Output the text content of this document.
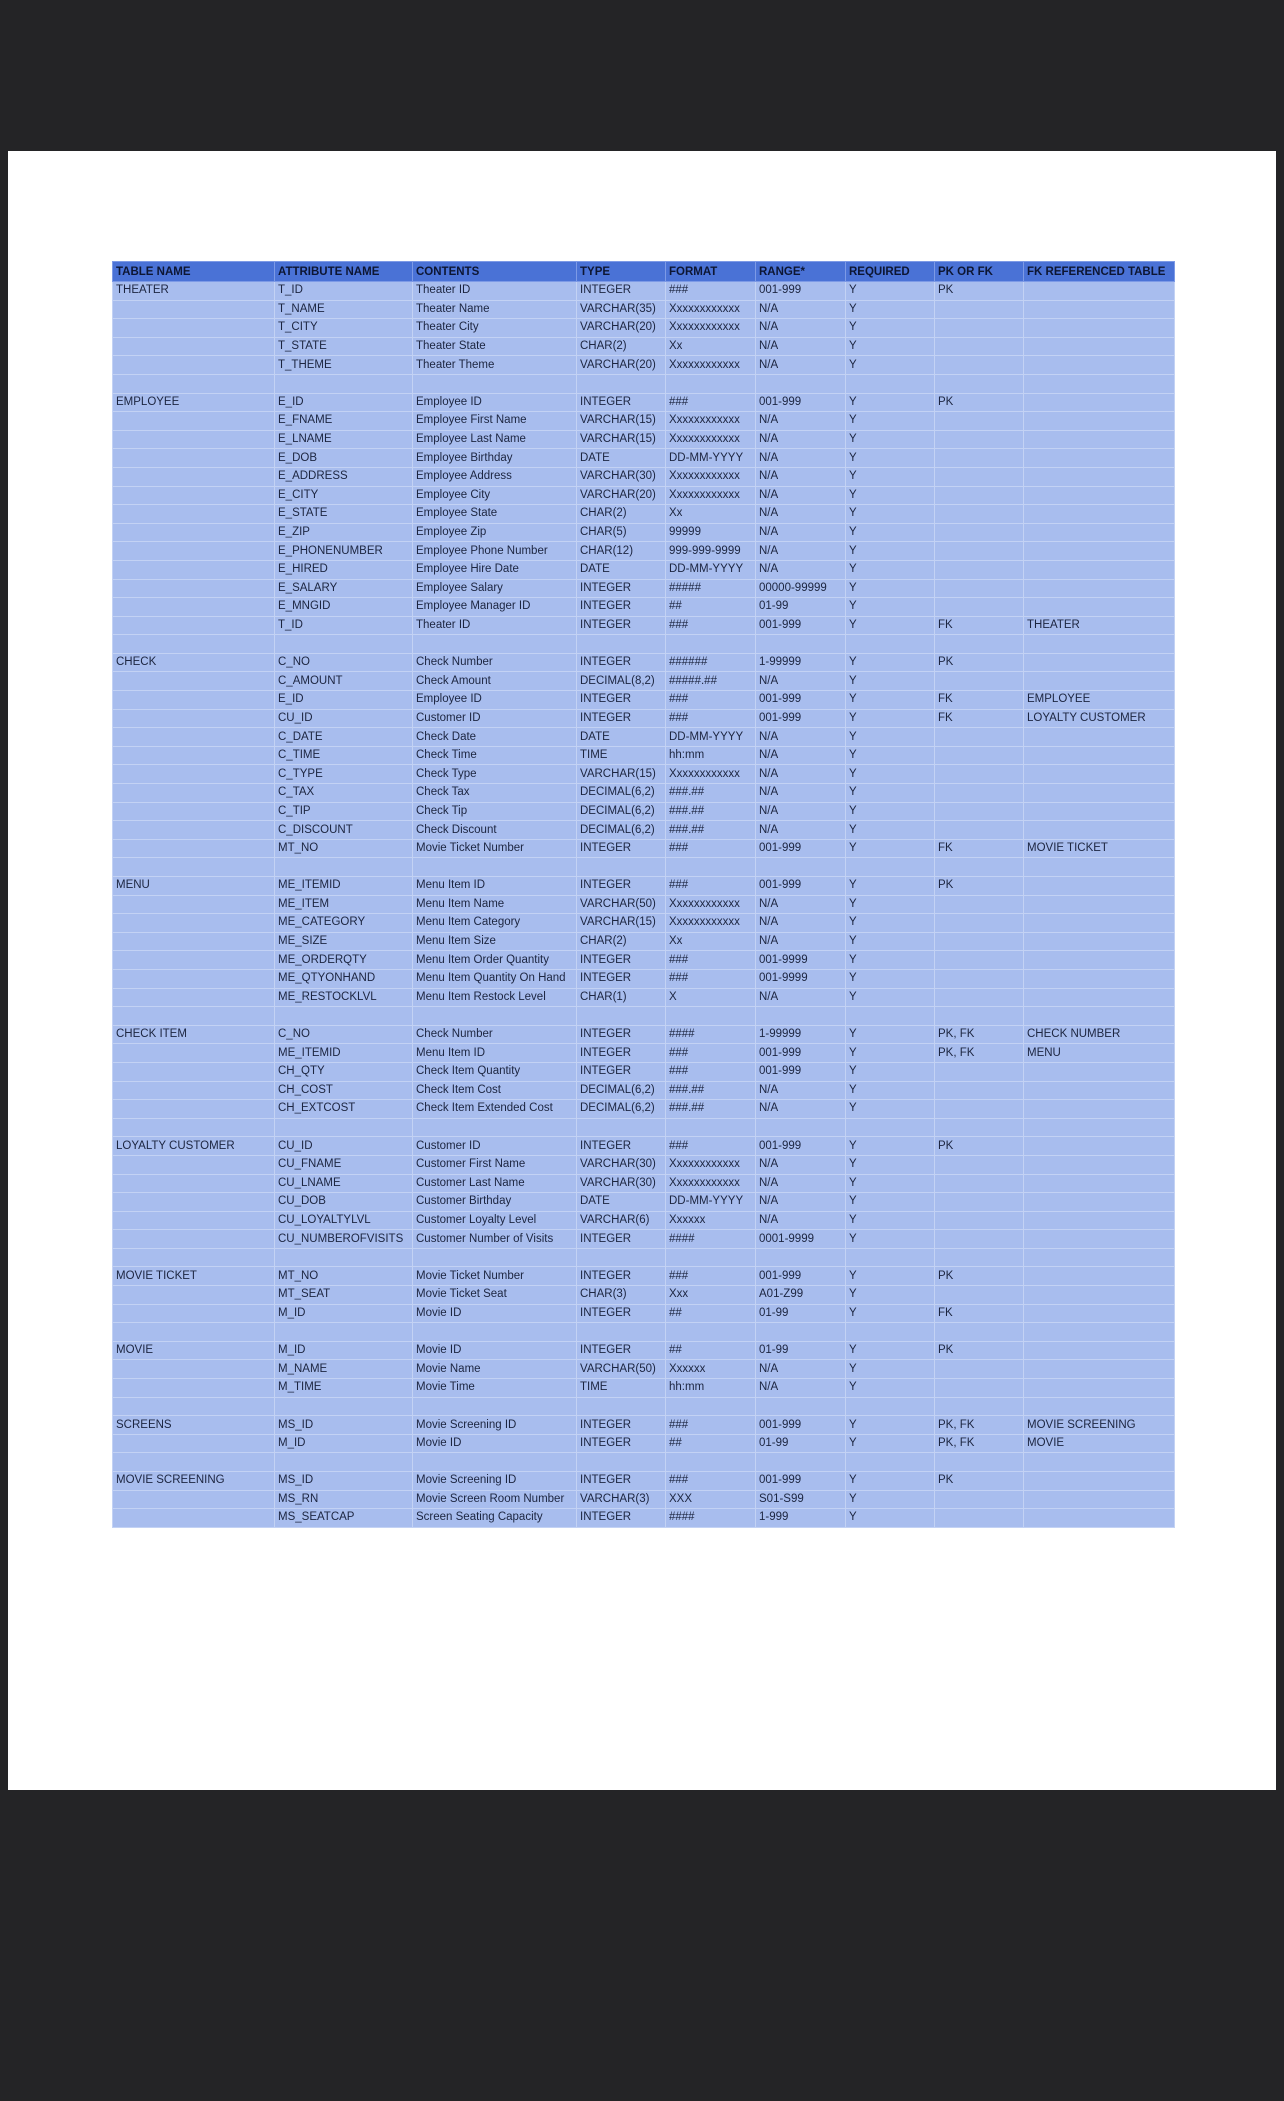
TABLE NAME	ATTRIBUTE NAME	CONTENTS	TYPE	FORMAT	RANGE*	REQUIRED	PK OR FK	FK REFERENCED TABLE
THEATER	T_ID	Theater ID	INTEGER	###	001-999	Y	PK	
	T_NAME	Theater Name	VARCHAR(35)	Xxxxxxxxxxxx	N/A	Y		
	T_CITY	Theater City	VARCHAR(20)	Xxxxxxxxxxxx	N/A	Y		
	T_STATE	Theater State	CHAR(2)	Xx	N/A	Y		
	T_THEME	Theater Theme	VARCHAR(20)	Xxxxxxxxxxxx	N/A	Y		

EMPLOYEE	E_ID	Employee ID	INTEGER	###	001-999	Y	PK	
	E_FNAME	Employee First Name	VARCHAR(15)	Xxxxxxxxxxxx	N/A	Y		
	E_LNAME	Employee Last Name	VARCHAR(15)	Xxxxxxxxxxxx	N/A	Y		
	E_DOB	Employee Birthday	DATE	DD-MM-YYYY	N/A	Y		
	E_ADDRESS	Employee Address	VARCHAR(30)	Xxxxxxxxxxxx	N/A	Y		
	E_CITY	Employee City	VARCHAR(20)	Xxxxxxxxxxxx	N/A	Y		
	E_STATE	Employee State	CHAR(2)	Xx	N/A	Y		
	E_ZIP	Employee Zip	CHAR(5)	99999	N/A	Y		
	E_PHONENUMBER	Employee Phone Number	CHAR(12)	999-999-9999	N/A	Y		
	E_HIRED	Employee Hire Date	DATE	DD-MM-YYYY	N/A	Y		
	E_SALARY	Employee Salary	INTEGER	#####	00000-99999	Y		
	E_MNGID	Employee Manager ID	INTEGER	##	01-99	Y		
	T_ID	Theater ID	INTEGER	###	001-999	Y	FK	THEATER

CHECK	C_NO	Check Number	INTEGER	######	1-99999	Y	PK	
	C_AMOUNT	Check Amount	DECIMAL(8,2)	#####.##	N/A	Y		
	E_ID	Employee ID	INTEGER	###	001-999	Y	FK	EMPLOYEE
	CU_ID	Customer ID	INTEGER	###	001-999	Y	FK	LOYALTY CUSTOMER
	C_DATE	Check Date	DATE	DD-MM-YYYY	N/A	Y		
	C_TIME	Check Time	TIME	hh:mm	N/A	Y		
	C_TYPE	Check Type	VARCHAR(15)	Xxxxxxxxxxxx	N/A	Y		
	C_TAX	Check Tax	DECIMAL(6,2)	###.##	N/A	Y		
	C_TIP	Check Tip	DECIMAL(6,2)	###.##	N/A	Y		
	C_DISCOUNT	Check Discount	DECIMAL(6,2)	###.##	N/A	Y		
	MT_NO	Movie Ticket Number	INTEGER	###	001-999	Y	FK	MOVIE TICKET

MENU	ME_ITEMID	Menu Item ID	INTEGER	###	001-999	Y	PK	
	ME_ITEM	Menu Item Name	VARCHAR(50)	Xxxxxxxxxxxx	N/A	Y		
	ME_CATEGORY	Menu Item Category	VARCHAR(15)	Xxxxxxxxxxxx	N/A	Y		
	ME_SIZE	Menu Item Size	CHAR(2)	Xx	N/A	Y		
	ME_ORDERQTY	Menu Item Order Quantity	INTEGER	###	001-9999	Y		
	ME_QTYONHAND	Menu Item Quantity On Hand	INTEGER	###	001-9999	Y		
	ME_RESTOCKLVL	Menu Item Restock Level	CHAR(1)	X	N/A	Y		

CHECK ITEM	C_NO	Check Number	INTEGER	####	1-99999	Y	PK, FK	CHECK NUMBER
	ME_ITEMID	Menu Item ID	INTEGER	###	001-999	Y	PK, FK	MENU
	CH_QTY	Check Item Quantity	INTEGER	###	001-999	Y		
	CH_COST	Check Item Cost	DECIMAL(6,2)	###.##	N/A	Y		
	CH_EXTCOST	Check Item Extended Cost	DECIMAL(6,2)	###.##	N/A	Y		

LOYALTY CUSTOMER	CU_ID	Customer ID	INTEGER	###	001-999	Y	PK	
	CU_FNAME	Customer First Name	VARCHAR(30)	Xxxxxxxxxxxx	N/A	Y		
	CU_LNAME	Customer Last Name	VARCHAR(30)	Xxxxxxxxxxxx	N/A	Y		
	CU_DOB	Customer Birthday	DATE	DD-MM-YYYY	N/A	Y		
	CU_LOYALTYLVL	Customer Loyalty Level	VARCHAR(6)	Xxxxxx	N/A	Y		
	CU_NUMBEROFVISITS	Customer Number of Visits	INTEGER	####	0001-9999	Y		

MOVIE TICKET	MT_NO	Movie Ticket Number	INTEGER	###	001-999	Y	PK	
	MT_SEAT	Movie Ticket Seat	CHAR(3)	Xxx	A01-Z99	Y		
	M_ID	Movie ID	INTEGER	##	01-99	Y	FK	

MOVIE	M_ID	Movie ID	INTEGER	##	01-99	Y	PK	
	M_NAME	Movie Name	VARCHAR(50)	Xxxxxx	N/A	Y		
	M_TIME	Movie Time	TIME	hh:mm	N/A	Y		

SCREENS	MS_ID	Movie Screening ID	INTEGER	###	001-999	Y	PK, FK	MOVIE SCREENING
	M_ID	Movie ID	INTEGER	##	01-99	Y	PK, FK	MOVIE

MOVIE SCREENING	MS_ID	Movie Screening ID	INTEGER	###	001-999	Y	PK	
	MS_RN	Movie Screen Room Number	VARCHAR(3)	XXX	S01-S99	Y		
	MS_SEATCAP	Screen Seating Capacity	INTEGER	####	1-999	Y		
